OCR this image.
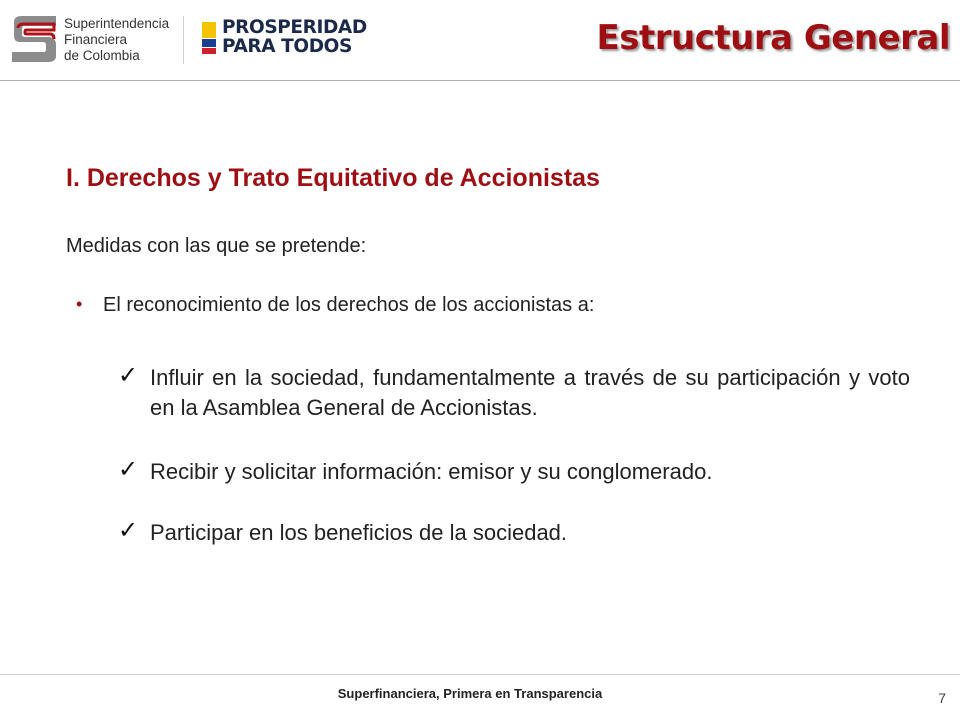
Superintendencia
Financiera
de Colombia
PROSPERIDAD
PARA TODOS	Estructura General
I. Derechos y Trato Equitativo de Accionistas
Medidas con las que se pretende:
• El reconocimiento de los derechos de los accionistas a:
✓ Influir en la sociedad, fundamentalmente a través de su participación y voto en la Asamblea General de Accionistas.
✓ Recibir y solicitar información: emisor y su conglomerado.
✓ Participar en los beneficios de la sociedad.
Superfinanciera, Primera en Transparencia	7
